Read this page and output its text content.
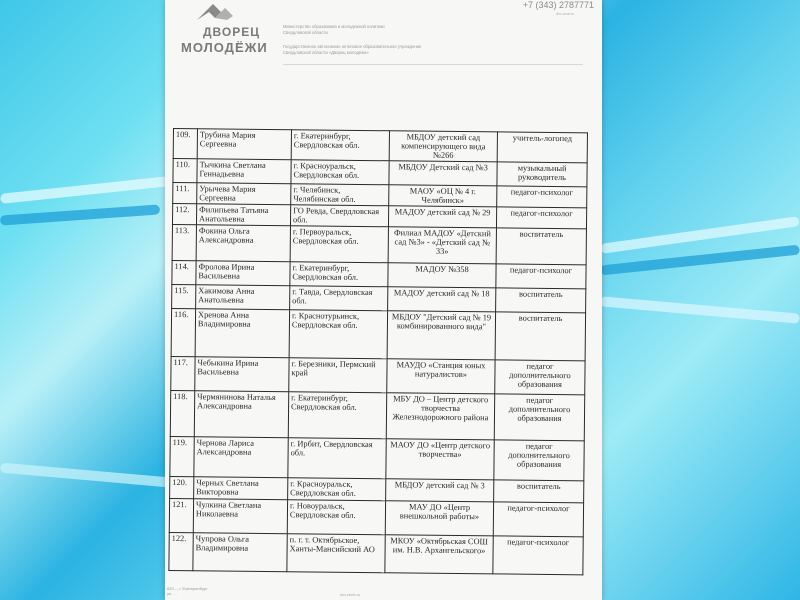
ДВОРЕЦ
МОЛОДЁЖИ
Министерство образования и молодежной политики
Свердловской области
Государственное автономное нетиповое образовательное учреждение
Свердловской области «Дворец молодёжи»
+7 (343) 2787771
dm-centr.ru
109.	Трубина Мария Сергеевна	г. Екатеринбург, Свердловская обл.	МБДОУ детский сад компенсирующего вида №266	учитель-логопед
110.	Тычкина Светлана Геннадьевна	г. Красноуральск, Свердловская обл.	МБДОУ Детский сад №3	музыкальный руководитель
111.	Урычева Мария Сергеевна	г. Челябинск, Челябинская обл.	МАОУ «ОЦ № 4 г. Челябинск»	педагог-психолог
112.	Филипьева Татьяна Анатольевна	ГО Ревда, Свердловская обл.	МАДОУ детский сад № 29	педагог-психолог
113.	Фокина Ольга Александровна	г. Первоуральск, Свердловская обл.	Филиал МАДОУ «Детский сад №3» - «Детский сад № 33»	воспитатель
114.	Фролова Ирина Васильевна	г. Екатеринбург, Свердловская обл.	МАДОУ №358	педагог-психолог
115.	Хакимова Анна Анатольевна	г. Тавда, Свердловская обл.	МАДОУ детский сад № 18	воспитатель
116.	Хренова Анна Владимировна	г. Краснотурьинск, Свердловская обл.	МБДОУ "Детский сад № 19 комбинированного вида"	воспитатель
117.	Чебыкина Ирина Васильевна	г. Березники, Пермский край	МАУДО «Станция юных натуралистов»	педагог дополнительного образования
118.	Чермянинова Наталья Александровна	г. Екатеринбург, Свердловская обл.	МБУ ДО – Центр детского творчества Железнодорожного района	педагог дополнительного образования
119.	Чернова Лариса Александровна	г. Ирбит, Свердловская обл.	МАОУ ДО «Центр детского творчества»	педагог дополнительного образования
120.	Черных Светлана Викторовна	г. Красноуральск, Свердловская обл.	МБДОУ детский сад № 3	воспитатель
121.	Чулкина Светлана Николаевна	г. Новоуральск, Свердловская обл.	МАУ ДО «Центр внешкольной работы»	педагог-психолог
122.	Чупрова Ольга Владимировна	п. г. т. Октябрьское, Ханты-Мансийский АО	МКОУ «Октябрьская СОШ им. Н.В. Архангельского»	педагог-психолог
620..., г. Екатеринбург
ул. ...	dm-centr.ru
